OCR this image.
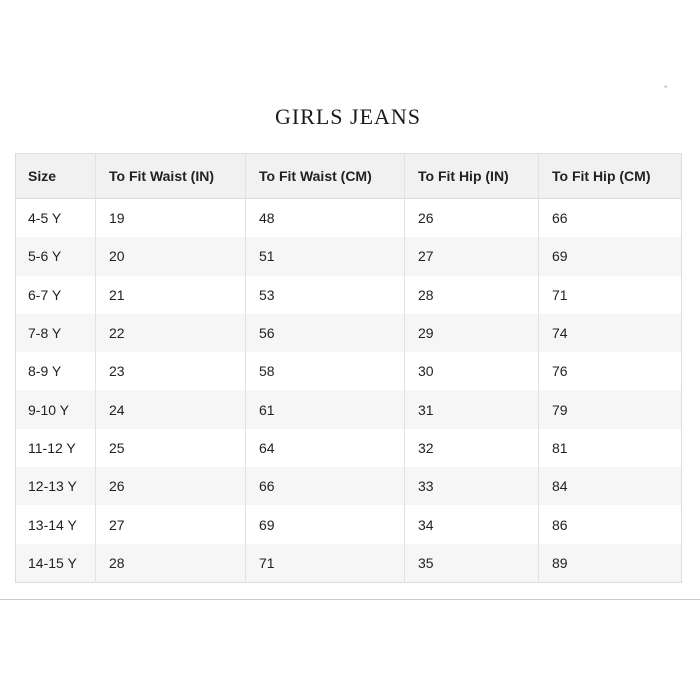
ˆ
GIRLS JEANS
Size	To Fit Waist (IN)	To Fit Waist (CM)	To Fit Hip (IN)	To Fit Hip (CM)
4-5 Y	19	48	26	66
5-6 Y	20	51	27	69
6-7 Y	21	53	28	71
7-8 Y	22	56	29	74
8-9 Y	23	58	30	76
9-10 Y	24	61	31	79
11-12 Y	25	64	32	81
12-13 Y	26	66	33	84
13-14 Y	27	69	34	86
14-15 Y	28	71	35	89
